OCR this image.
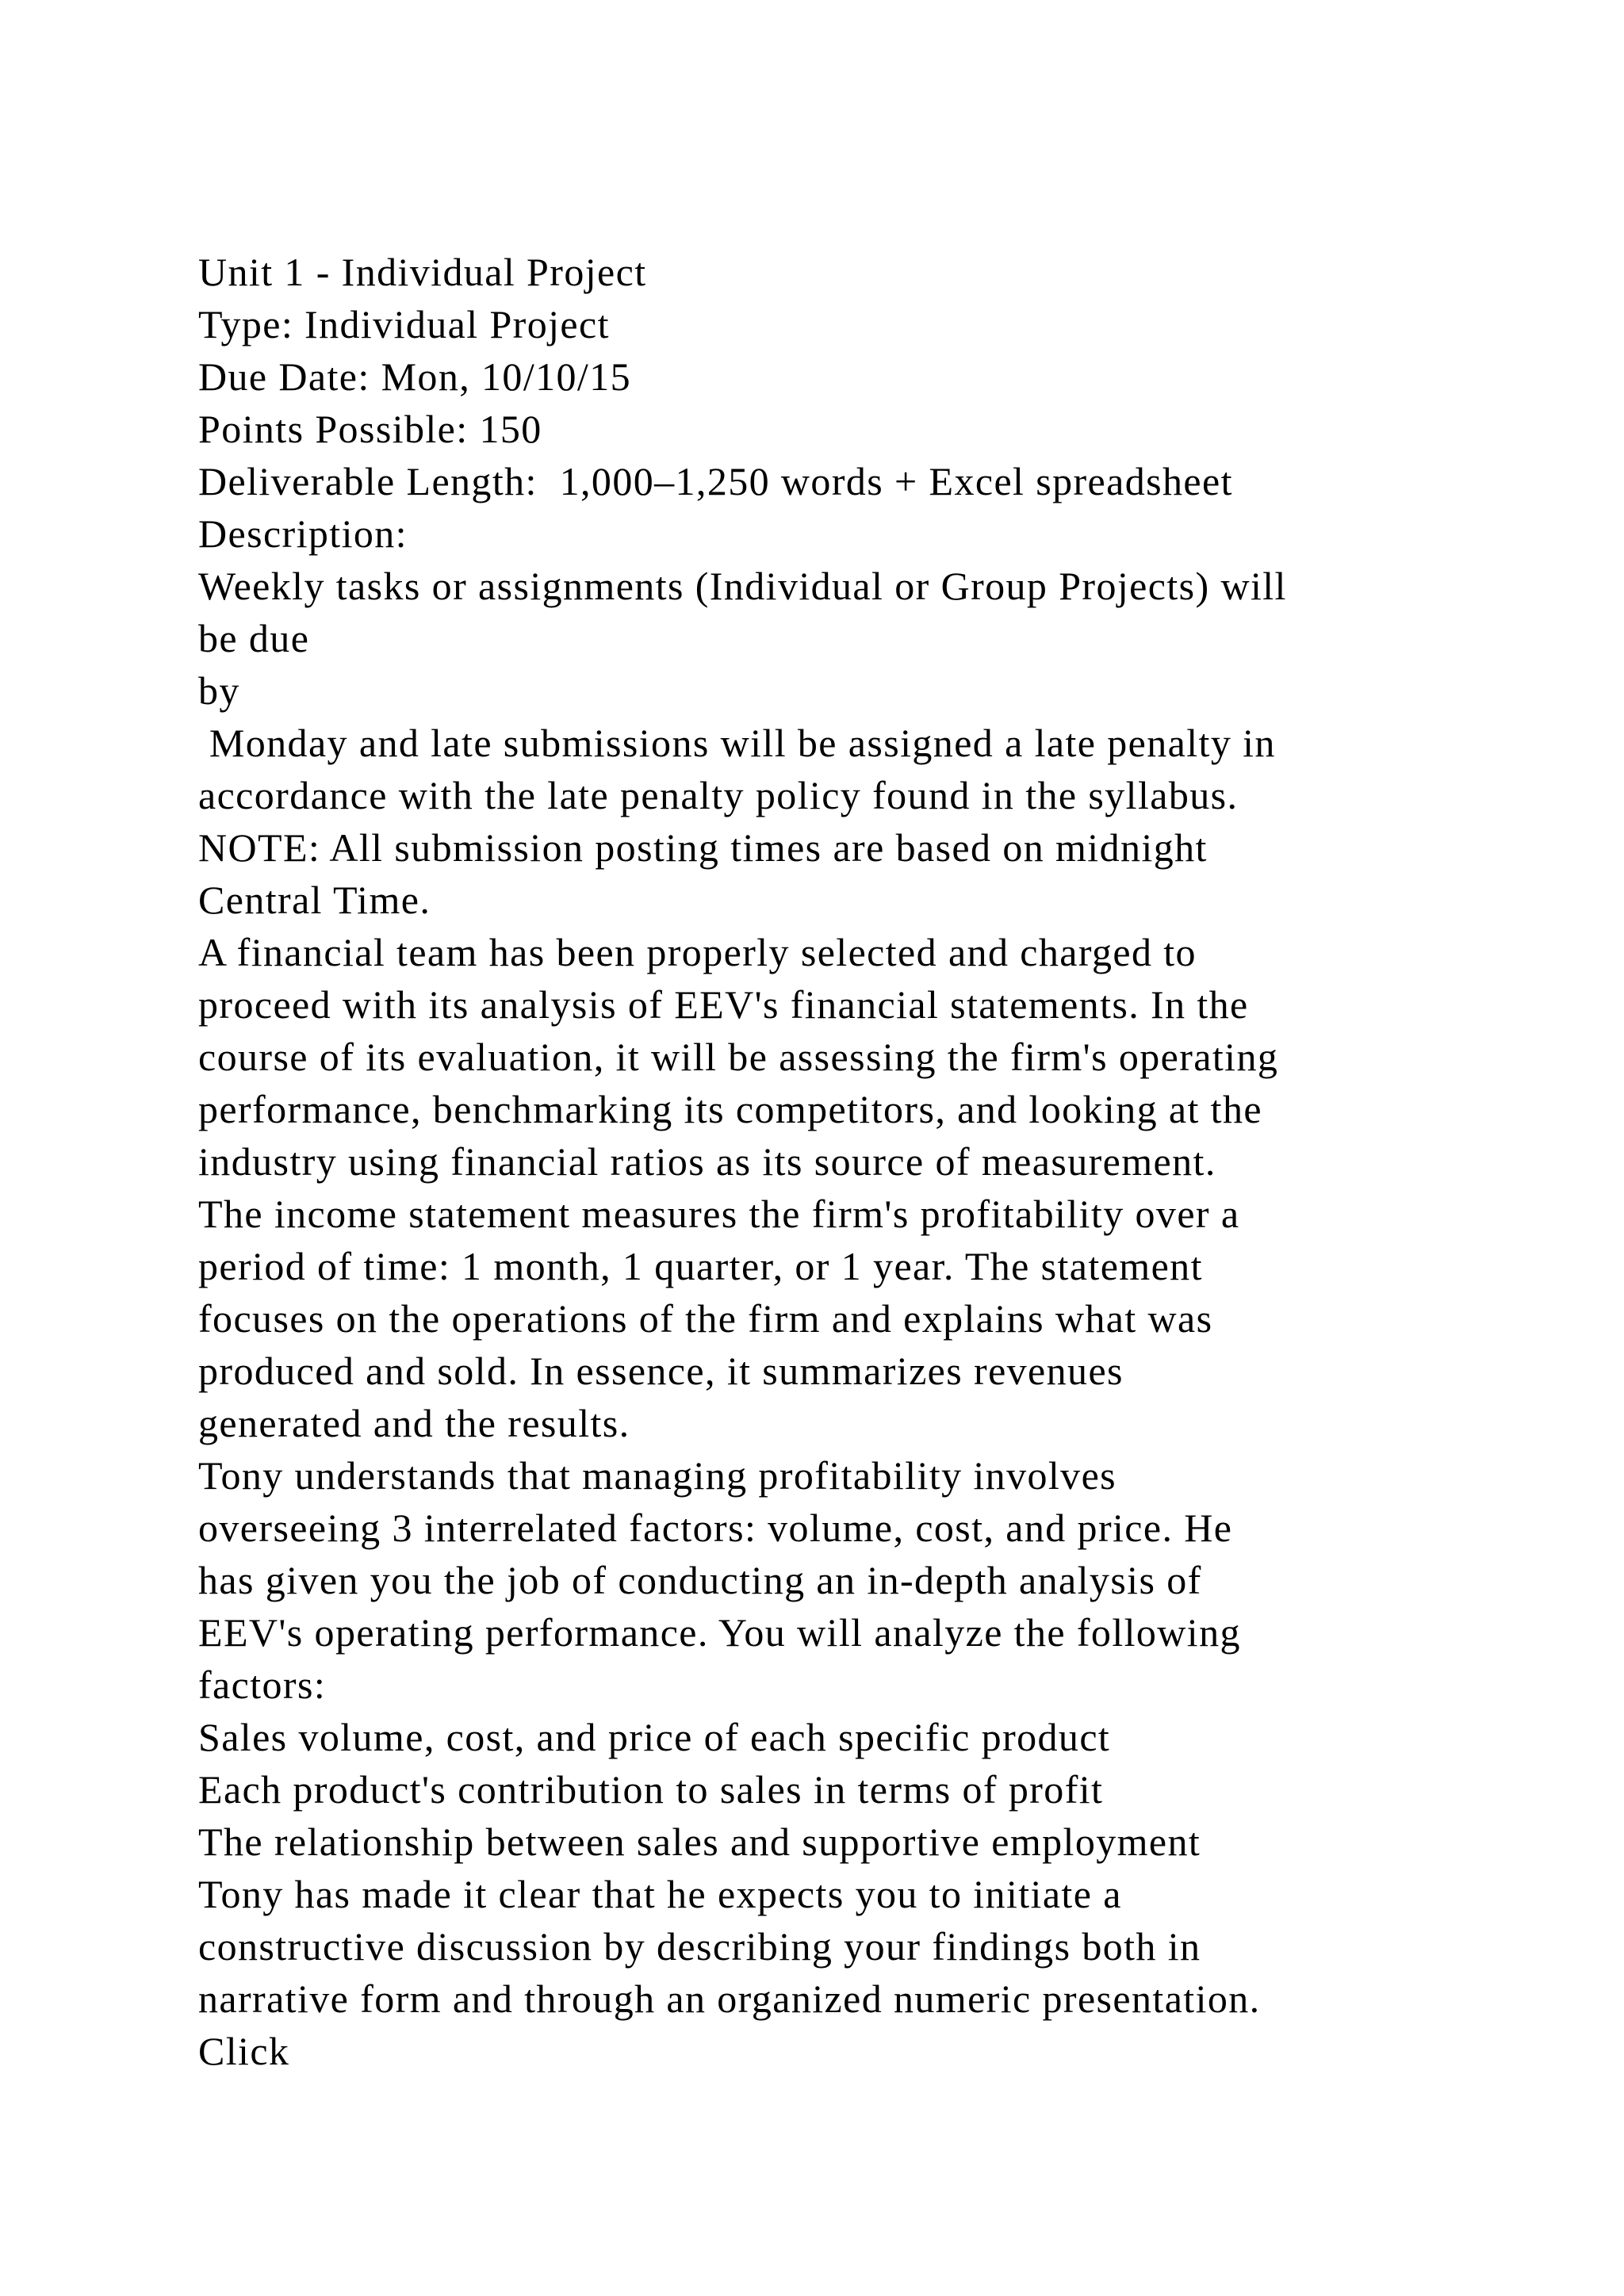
Unit 1 - Individual Project
Type: Individual Project
Due Date: Mon, 10/10/15
Points Possible: 150
Deliverable Length:  1,000–1,250 words + Excel spreadsheet
Description:
Weekly tasks or assignments (Individual or Group Projects) will
be due
by
Monday and late submissions will be assigned a late penalty in
accordance with the late penalty policy found in the syllabus.
NOTE: All submission posting times are based on midnight
Central Time.
A financial team has been properly selected and charged to
proceed with its analysis of EEV's financial statements. In the
course of its evaluation, it will be assessing the firm's operating
performance, benchmarking its competitors, and looking at the
industry using financial ratios as its source of measurement.
The income statement measures the firm's profitability over a
period of time: 1 month, 1 quarter, or 1 year. The statement
focuses on the operations of the firm and explains what was
produced and sold. In essence, it summarizes revenues
generated and the results.
Tony understands that managing profitability involves
overseeing 3 interrelated factors: volume, cost, and price. He
has given you the job of conducting an in-depth analysis of
EEV's operating performance. You will analyze the following
factors:
Sales volume, cost, and price of each specific product
Each product's contribution to sales in terms of profit
The relationship between sales and supportive employment
Tony has made it clear that he expects you to initiate a
constructive discussion by describing your findings both in
narrative form and through an organized numeric presentation.
Click
